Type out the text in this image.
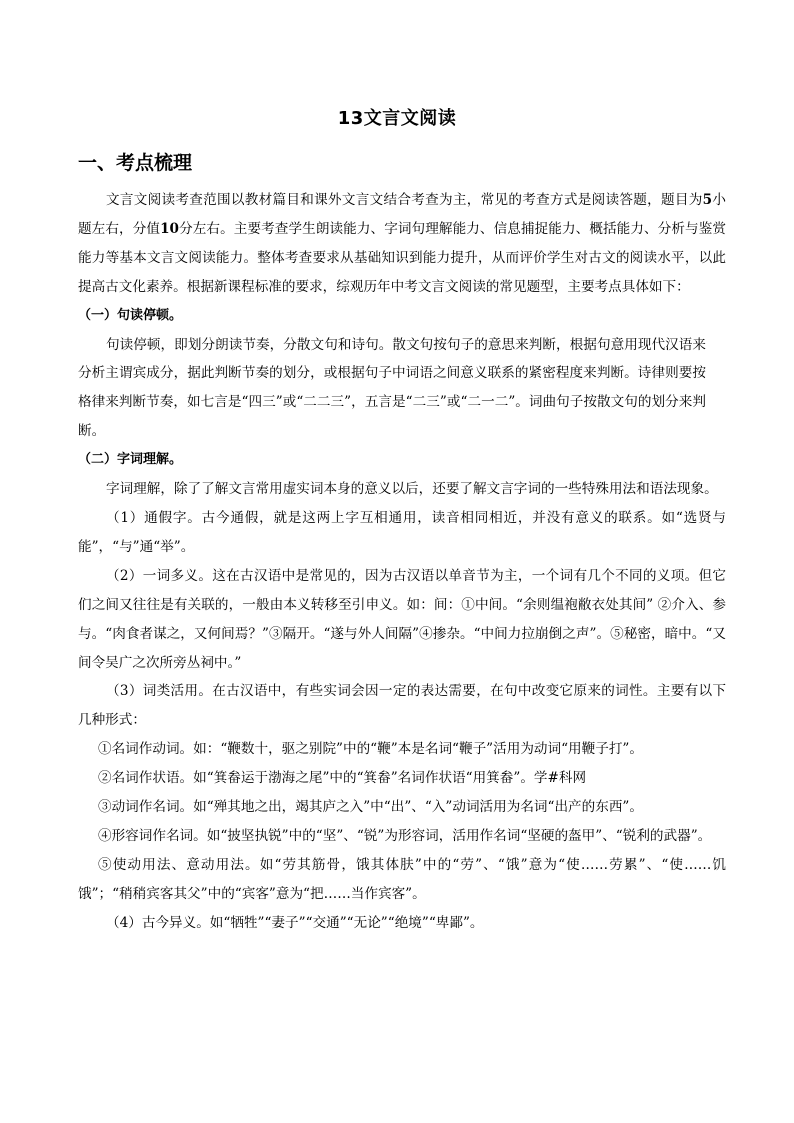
13文言文阅读
一、考点梳理

文言文阅读考查范围以教材篇目和课外文言文结合考查为主，常见的考查方式是阅读答题，题目为5小题左右，分值10分左右。主要考查学生朗读能力、字词句理解能力、信息捕捉能力、概括能力、分析与鉴赏能力等基本文言文阅读能力。整体考查要求从基础知识到能力提升，从而评价学生对古文的阅读水平，以此提高古文化素养。根据新课程标准的要求，综观历年中考文言文阅读的常见题型，主要考点具体如下：

（一）句读停顿。

句读停顿，即划分朗读节奏，分散文句和诗句。散文句按句子的意思来判断，根据句意用现代汉语来分析主谓宾成分，据此判断节奏的划分，或根据句子中词语之间意义联系的紧密程度来判断。诗律则要按格律来判断节奏，如七言是“四三”或“二二三”，五言是“二三”或“二一二”。词曲句子按散文句的划分来判断。

（二）字词理解。

字词理解，除了了解文言常用虚实词本身的意义以后，还要了解文言字词的一些特殊用法和语法现象。

（1）通假字。古今通假，就是这两上字互相通用，读音相同相近，并没有意义的联系。如“选贤与能”，“与”通“举”。

（2）一词多义。这在古汉语中是常见的，因为古汉语以单音节为主，一个词有几个不同的义项。但它们之间又往往是有关联的，一般由本义转移至引申义。如：间：①中间。“余则缊袍敝衣处其间” ②介入、参与。“肉食者谋之，又何间焉？”③隔开。“遂与外人间隔”④掺杂。“中间力拉崩倒之声”。⑤秘密，暗中。“又间令吴广之次所旁丛祠中。”

（3）词类活用。在古汉语中，有些实词会因一定的表达需要，在句中改变它原来的词性。主要有以下几种形式：

①名词作动词。如：“鞭数十，驱之别院”中的“鞭”本是名词“鞭子”活用为动词“用鞭子打”。

②名词作状语。如“箕畚运于渤海之尾”中的“箕畚”名词作状语“用箕畚”。学#科网

③动词作名词。如“殚其地之出，竭其庐之入”中“出”、“入”动词活用为名词“出产的东西”。

④形容词作名词。如“披坚执锐”中的“坚”、“锐”为形容词，活用作名词“坚硬的盔甲”、“锐利的武器”。

⑤使动用法、意动用法。如“劳其筋骨，饿其体肤”中的“劳”、“饿”意为“使……劳累”、“使……饥饿”；“稍稍宾客其父”中的“宾客”意为“把……当作宾客”。

（4）古今异义。如“牺牲”“妻子”“交通”“无论”“绝境”“卑鄙”。
